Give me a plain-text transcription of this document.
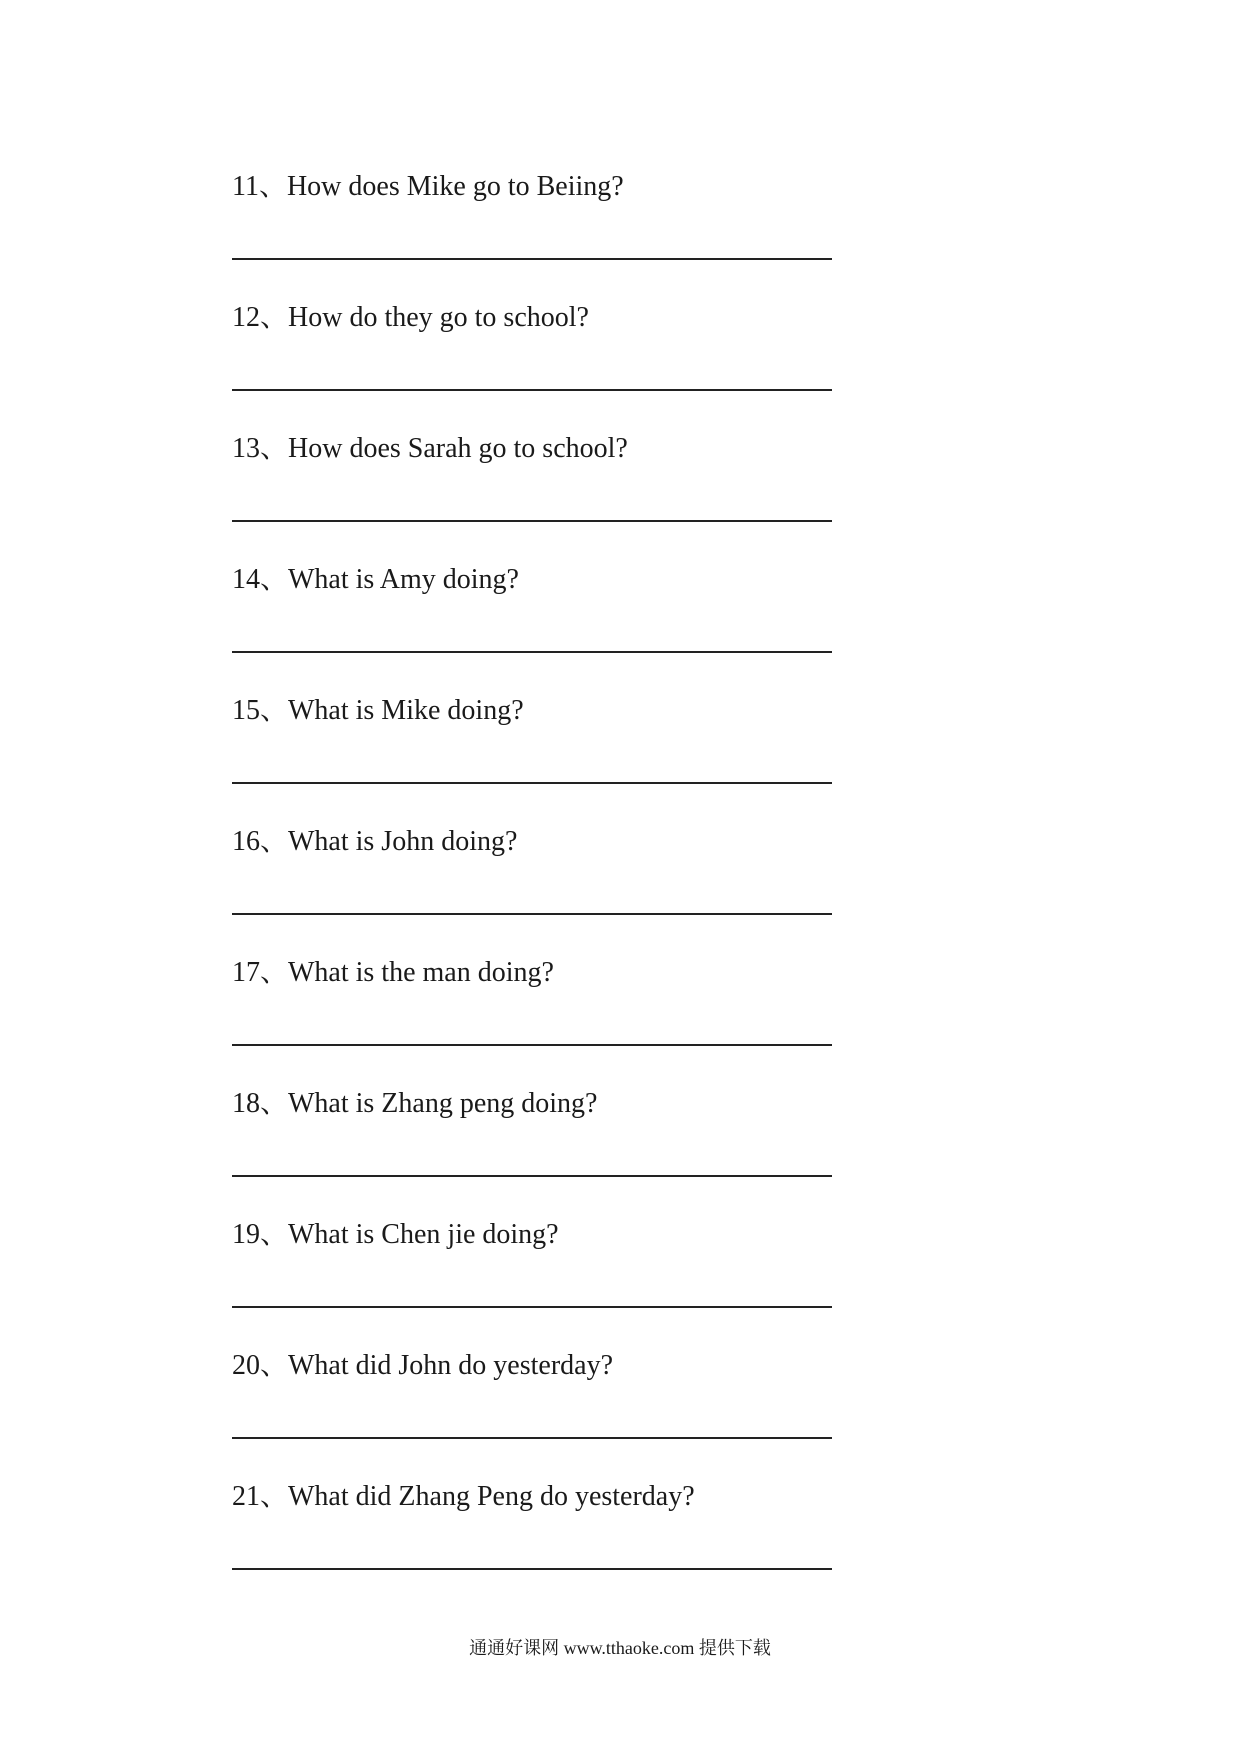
11、How does Mike go to Beiing?
12、How do they go to school?
13、How does Sarah go to school?
14、What is Amy doing?
15、What is Mike doing?
16、What is John doing?
17、What is the man doing?
18、What is Zhang peng doing?
19、What is Chen jie doing?
20、What did John do yesterday?
21、What did Zhang Peng do yesterday?
通通好课网 www.tthaoke.com 提供下载
